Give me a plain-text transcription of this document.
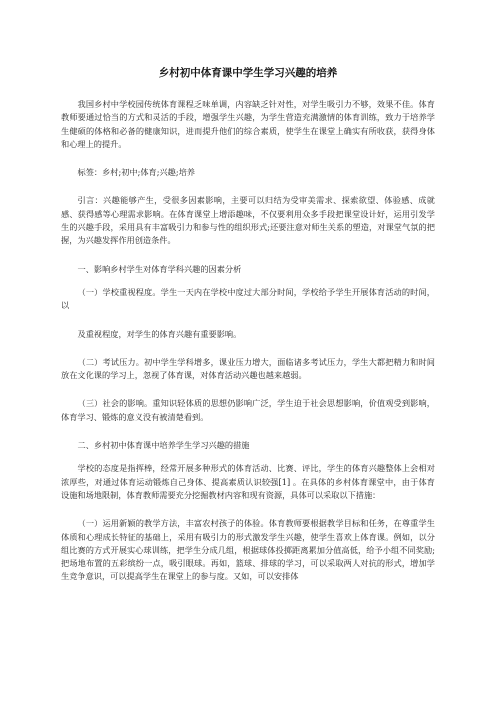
乡村初中体育课中学生学习兴趣的培养

我国乡村中学校园传统体育课程乏味单调，内容缺乏针对性，对学生吸引力不够，效果不佳。体育教师要通过恰当的方式和灵活的手段，增强学生兴趣，为学生营造充满激情的体育训练，致力于培养学生健硕的体格和必备的健康知识，进而提升他们的综合素质，使学生在课堂上确实有所收获，获得身体和心理上的提升。

标签：乡村;初中;体育;兴趣;培养

引言：兴趣能够产生，受很多因素影响，主要可以归结为受审美需求、探索欲望、体验感、成就感、获得感等心理需求影响。在体育课堂上增添趣味，不仅要利用众多手段把课堂设计好，运用引发学生的兴趣手段，采用具有丰富吸引力和参与性的组织形式;还要注意对师生关系的塑造，对课堂气氛的把握，为兴趣发挥作用创造条件。

一、影响乡村学生对体育学科兴趣的因素分析

（一）学校重视程度。学生一天内在学校中度过大部分时间，学校给予学生开展体育活动的时间，以

及重视程度，对学生的体育兴趣有重要影响。

（二）考试压力。初中学生学科增多，课业压力增大，面临诸多考试压力，学生大都把精力和时间放在文化课的学习上，忽视了体育课，对体育活动兴趣也越来越弱。

（三）社会的影响。重知识轻体质的思想仍影响广泛，学生迫于社会思想影响，价值观受到影响，体育学习、锻炼的意义没有被清楚看到。

二、乡村初中体育课中培养学生学习兴趣的措施

学校的态度是指挥棒，经常开展多种形式的体育活动、比赛、评比，学生的体育兴趣整体上会相对浓厚些，对通过体育运动锻炼自己身体、提高素质认识较强[1] 。在具体的乡村体育课堂中，由于体育设施和场地限制，体育教师需要充分挖掘教材内容和现有资源，具体可以采取以下措施：

（一）运用新颖的教学方法，丰富农村孩子的体验。体育教师要根据教学目标和任务，在尊重学生体质和心理成长特征的基础上，采用有吸引力的形式激发学生兴趣，使学生喜欢上体育课。例如，以分组比赛的方式开展实心球训练，把学生分成几组，根据球体投掷距离累加分值高低，给予小组不同奖励;把场地布置的五彩缤纷一点，吸引眼球。再如，篮球、排球的学习，可以采取两人对抗的形式，增加学生竞争意识，可以提高学生在课堂上的参与度。又如，可以安排体
